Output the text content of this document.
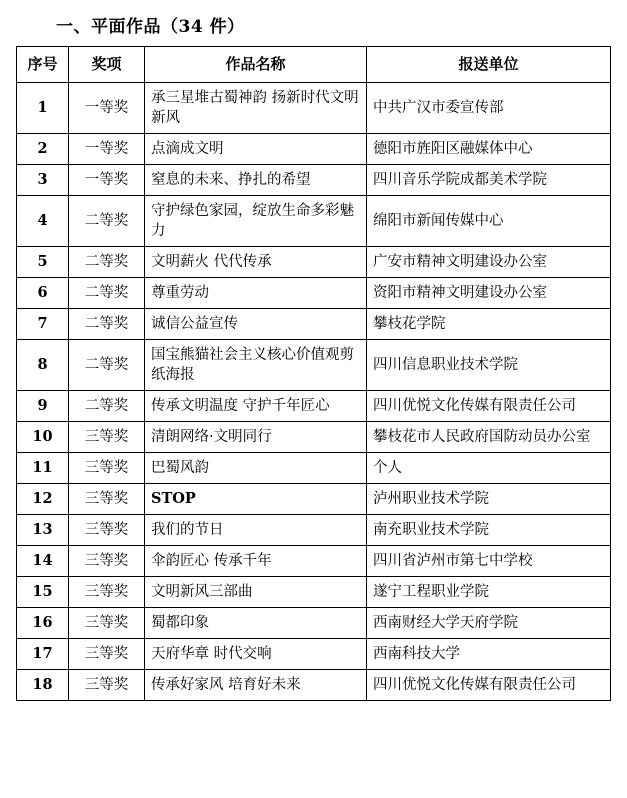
一、平面作品（34 件）
序号	奖项	作品名称	报送单位
1	一等奖	承三星堆古蜀神韵 扬新时代文明新风	中共广汉市委宣传部
2	一等奖	点滴成文明	德阳市旌阳区融媒体中心
3	一等奖	窒息的未来、挣扎的希望	四川音乐学院成都美术学院
4	二等奖	守护绿色家园，绽放生命多彩魅力	绵阳市新闻传媒中心
5	二等奖	文明薪火 代代传承	广安市精神文明建设办公室
6	二等奖	尊重劳动	资阳市精神文明建设办公室
7	二等奖	诚信公益宣传	攀枝花学院
8	二等奖	国宝熊猫社会主义核心价值观剪纸海报	四川信息职业技术学院
9	二等奖	传承文明温度 守护千年匠心	四川优悦文化传媒有限责任公司
10	三等奖	清朗网络·文明同行	攀枝花市人民政府国防动员办公室
11	三等奖	巴蜀风韵	个人
12	三等奖	STOP	泸州职业技术学院
13	三等奖	我们的节日	南充职业技术学院
14	三等奖	伞韵匠心 传承千年	四川省泸州市第七中学校
15	三等奖	文明新风三部曲	遂宁工程职业学院
16	三等奖	蜀都印象	西南财经大学天府学院
17	三等奖	天府华章 时代交响	西南科技大学
18	三等奖	传承好家风 培育好未来	四川优悦文化传媒有限责任公司
